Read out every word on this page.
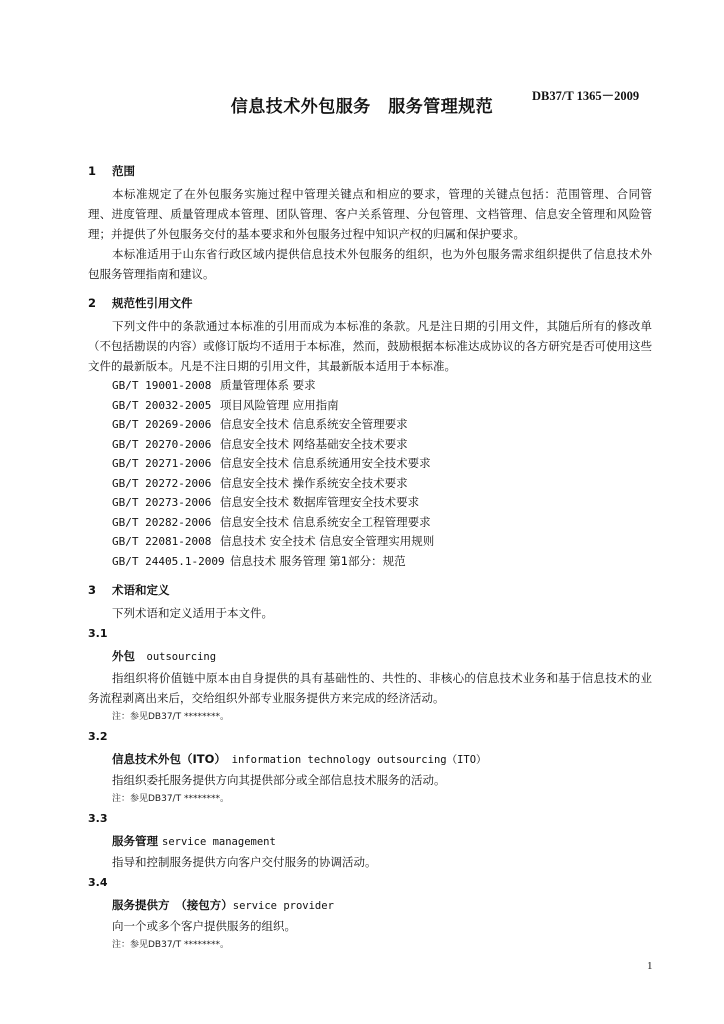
DB37/T 1365－2009
信息技术外包服务　服务管理规范
1 范围
本标准规定了在外包服务实施过程中管理关键点和相应的要求，管理的关键点包括：范围管理、合同管理、进度管理、质量管理成本管理、团队管理、客户关系管理、分包管理、文档管理、信息安全管理和风险管理；并提供了外包服务交付的基本要求和外包服务过程中知识产权的归属和保护要求。
本标准适用于山东省行政区域内提供信息技术外包服务的组织，也为外包服务需求组织提供了信息技术外包服务管理指南和建议。
2 规范性引用文件
下列文件中的条款通过本标准的引用而成为本标准的条款。凡是注日期的引用文件，其随后所有的修改单（不包括勘误的内容）或修订版均不适用于本标准，然而，鼓励根据本标准达成协议的各方研究是否可使用这些文件的最新版本。凡是不注日期的引用文件，其最新版本适用于本标准。
GB/T 19001-2008 质量管理体系 要求
GB/T 20032-2005 项目风险管理 应用指南
GB/T 20269-2006 信息安全技术 信息系统安全管理要求
GB/T 20270-2006 信息安全技术 网络基础安全技术要求
GB/T 20271-2006 信息安全技术 信息系统通用安全技术要求
GB/T 20272-2006 信息安全技术 操作系统安全技术要求
GB/T 20273-2006 信息安全技术 数据库管理安全技术要求
GB/T 20282-2006 信息安全技术 信息系统安全工程管理要求
GB/T 22081-2008 信息技术 安全技术 信息安全管理实用规则
GB/T 24405.1-2009 信息技术 服务管理 第1部分：规范
3 术语和定义
下列术语和定义适用于本文件。
3.1
外包　 outsourcing
指组织将价值链中原本由自身提供的具有基础性的、共性的、非核心的信息技术业务和基于信息技术的业务流程剥离出来后，交给组织外部专业服务提供方来完成的经济活动。
注：参见DB37/T ********。
3.2
信息技术外包（ITO）　 information technology outsourcing（ITO）
指组织委托服务提供方向其提供部分或全部信息技术服务的活动。
注：参见DB37/T ********。
3.3
服务管理 service management
指导和控制服务提供方向客户交付服务的协调活动。
3.4
服务提供方　（接包方）service provider
向一个或多个客户提供服务的组织。
注：参见DB37/T ********。
1
